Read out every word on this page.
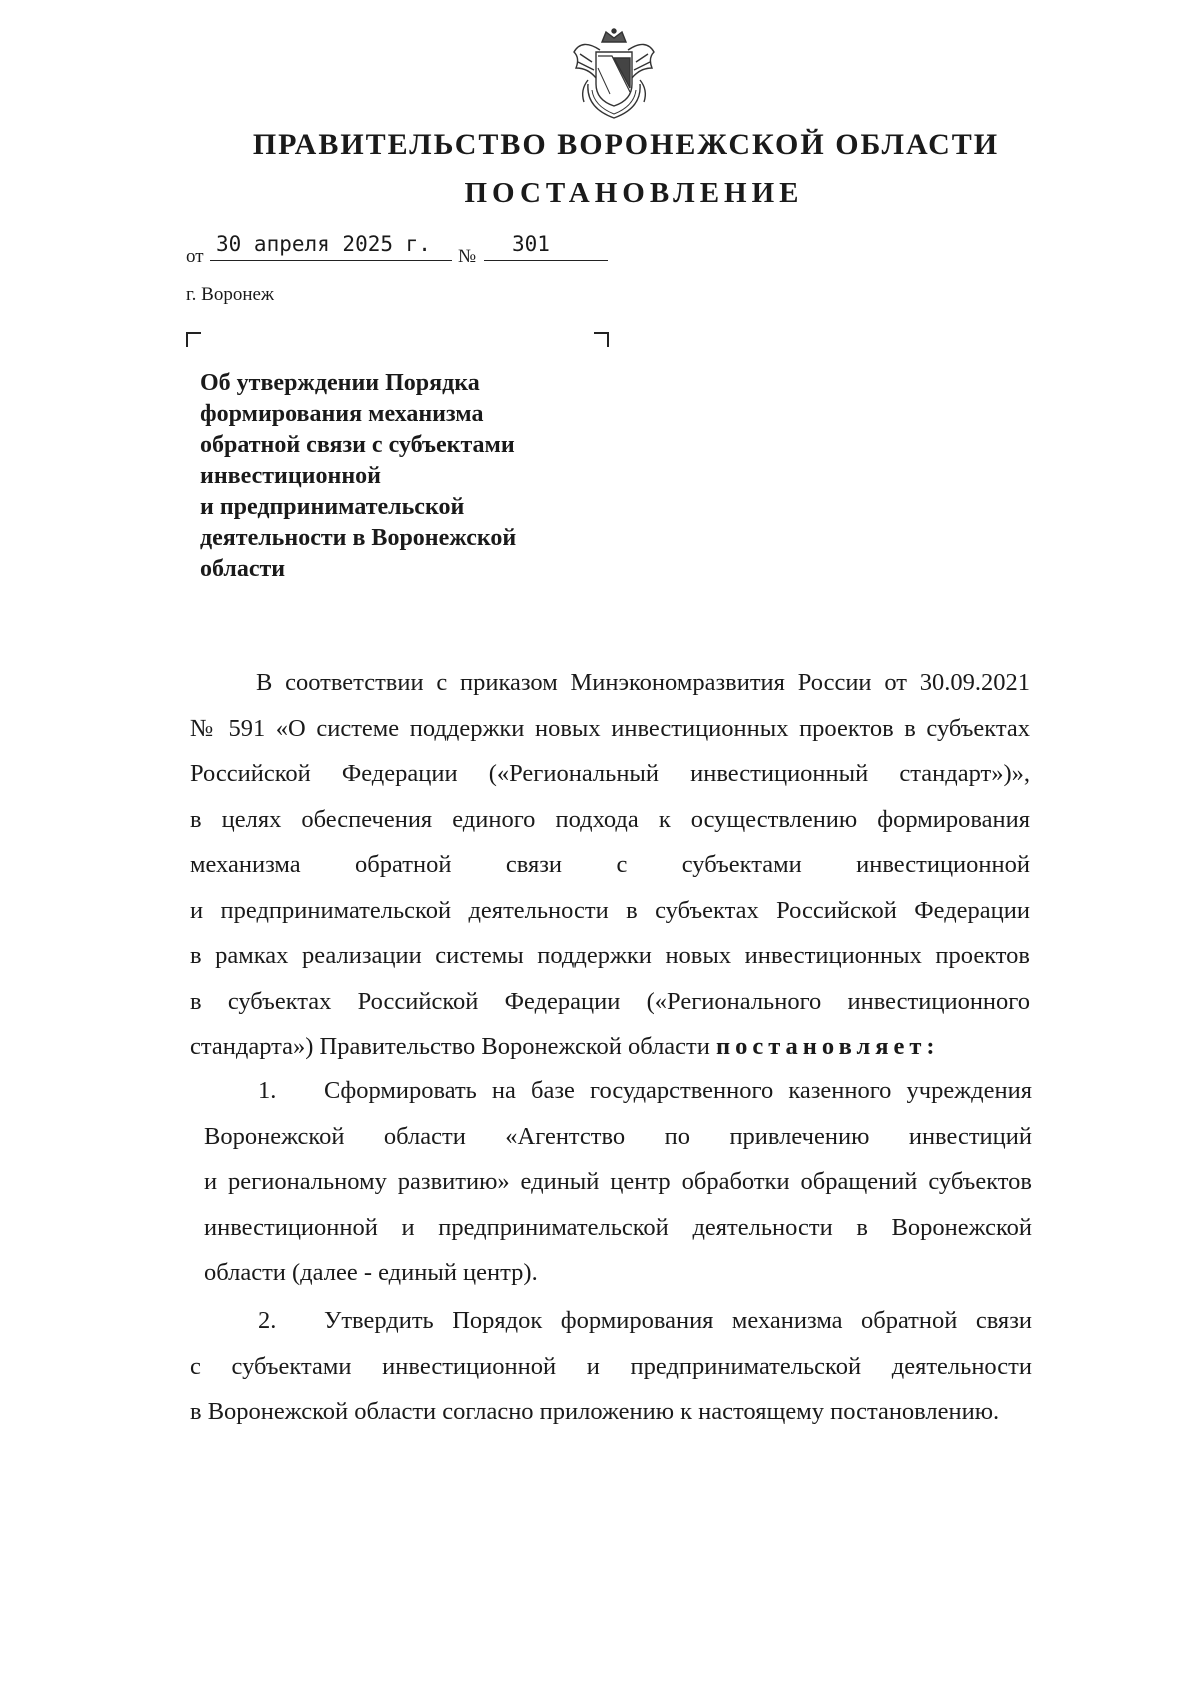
ПРАВИТЕЛЬСТВО ВОРОНЕЖСКОЙ ОБЛАСТИ
ПОСТАНОВЛЕНИЕ
от
30 апреля 2025 г.
№
301
г. Воронеж
Об утверждении Порядка
формирования механизма
обратной связи с субъектами
инвестиционной
и предпринимательской
деятельности в Воронежской
области
В соответствии с приказом Минэкономразвития России от 30.09.2021
№ 591 «О системе поддержки новых инвестиционных проектов в субъектах
Российской Федерации («Региональный инвестиционный стандарт»)»,
в целях обеспечения единого подхода к осуществлению формирования
механизма обратной связи с субъектами инвестиционной
и предпринимательской деятельности в субъектах Российской Федерации
в рамках реализации системы поддержки новых инвестиционных проектов
в субъектах Российской Федерации («Регионального инвестиционного
стандарта») Правительство Воронежской области постановляет:
1.	Сформировать на базе государственного казенного учреждения
Воронежской области «Агентство по привлечению инвестиций
и региональному развитию» единый центр обработки обращений субъектов
инвестиционной и предпринимательской деятельности в Воронежской
области (далее - единый центр).
2.	Утвердить Порядок формирования механизма обратной связи
с субъектами инвестиционной и предпринимательской деятельности
в Воронежской области согласно приложению к настоящему постановлению.
